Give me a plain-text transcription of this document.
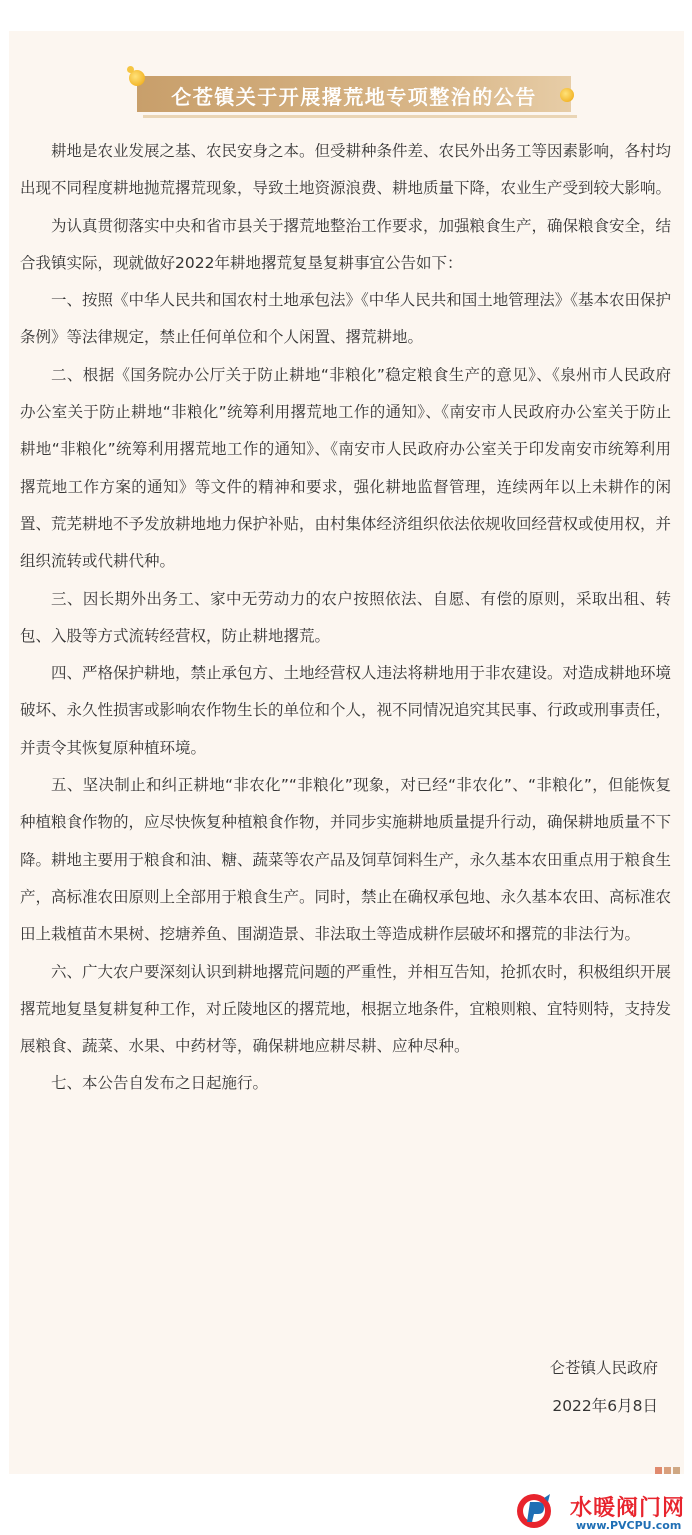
仑苍镇关于开展撂荒地专项整治的公告

耕地是农业发展之基、农民安身之本。但受耕种条件差、农民外出务工等因素影响，各村均出现不同程度耕地抛荒撂荒现象，导致土地资源浪费、耕地质量下降，农业生产受到较大影响。

为认真贯彻落实中央和省市县关于撂荒地整治工作要求，加强粮食生产，确保粮食安全，结合我镇实际，现就做好2022年耕地撂荒复垦复耕事宜公告如下：

一、按照《中华人民共和国农村土地承包法》《中华人民共和国土地管理法》《基本农田保护条例》等法律规定，禁止任何单位和个人闲置、撂荒耕地。

二、根据《国务院办公厅关于防止耕地“非粮化”稳定粮食生产的意见》、《泉州市人民政府办公室关于防止耕地“非粮化”统筹利用撂荒地工作的通知》、《南安市人民政府办公室关于防止耕地“非粮化”统筹利用撂荒地工作的通知》、《南安市人民政府办公室关于印发南安市统筹利用撂荒地工作方案的通知》等文件的精神和要求，强化耕地监督管理，连续两年以上未耕作的闲置、荒芜耕地不予发放耕地地力保护补贴，由村集体经济组织依法依规收回经营权或使用权，并组织流转或代耕代种。

三、因长期外出务工、家中无劳动力的农户按照依法、自愿、有偿的原则，采取出租、转包、入股等方式流转经营权，防止耕地撂荒。

四、严格保护耕地，禁止承包方、土地经营权人违法将耕地用于非农建设。对造成耕地环境破坏、永久性损害或影响农作物生长的单位和个人，视不同情况追究其民事、行政或刑事责任，并责令其恢复原种植环境。

五、坚决制止和纠正耕地“非农化”“非粮化”现象，对已经“非农化”、“非粮化”，但能恢复种植粮食作物的，应尽快恢复种植粮食作物，并同步实施耕地质量提升行动，确保耕地质量不下降。耕地主要用于粮食和油、糖、蔬菜等农产品及饲草饲料生产，永久基本农田重点用于粮食生产，高标准农田原则上全部用于粮食生产。同时，禁止在确权承包地、永久基本农田、高标准农田上栽植苗木果树、挖塘养鱼、围湖造景、非法取土等造成耕作层破坏和撂荒的非法行为。

六、广大农户要深刻认识到耕地撂荒问题的严重性，并相互告知，抢抓农时，积极组织开展撂荒地复垦复耕复种工作，对丘陵地区的撂荒地，根据立地条件，宜粮则粮、宜特则特，支持发展粮食、蔬菜、水果、中药材等，确保耕地应耕尽耕、应种尽种。

七、本公告自发布之日起施行。

仑苍镇人民政府
2022年6月8日
水暖阀门网
www.PVCPU.com
